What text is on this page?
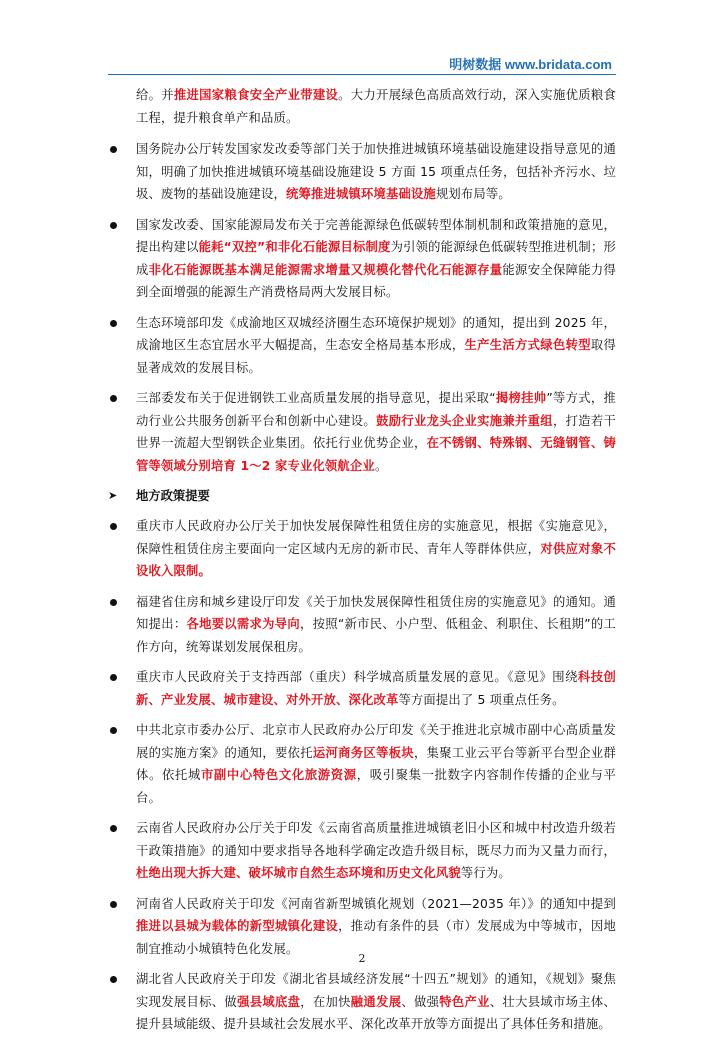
明树数据 www.bridata.com
给。并推进国家粮食安全产业带建设。大力开展绿色高质高效行动，深入实施优质粮食工程，提升粮食单产和品质。
国务院办公厅转发国家发改委等部门关于加快推进城镇环境基础设施建设指导意见的通知，明确了加快推进城镇环境基础设施建设 5 方面 15 项重点任务，包括补齐污水、垃圾、废物的基础设施建设，统筹推进城镇环境基础设施规划布局等。
国家发改委、国家能源局发布关于完善能源绿色低碳转型体制机制和政策措施的意见，提出构建以能耗“双控”和非化石能源目标制度为引领的能源绿色低碳转型推进机制；形成非化石能源既基本满足能源需求增量又规模化替代化石能源存量能源安全保障能力得到全面增强的能源生产消费格局两大发展目标。
生态环境部印发《成渝地区双城经济圈生态环境保护规划》的通知，提出到 2025 年，成渝地区生态宜居水平大幅提高，生态安全格局基本形成，生产生活方式绿色转型取得显著成效的发展目标。
三部委发布关于促进钢铁工业高质量发展的指导意见，提出采取“揭榜挂帅”等方式，推动行业公共服务创新平台和创新中心建设。鼓励行业龙头企业实施兼并重组，打造若干世界一流超大型钢铁企业集团。依托行业优势企业，在不锈钢、特殊钢、无缝钢管、铸管等领域分别培育 1～2 家专业化领航企业。
➤ 地方政策提要
重庆市人民政府办公厅关于加快发展保障性租赁住房的实施意见，根据《实施意见》，保障性租赁住房主要面向一定区域内无房的新市民、青年人等群体供应，对供应对象不设收入限制。
福建省住房和城乡建设厅印发《关于加快发展保障性租赁住房的实施意见》的通知。通知提出：各地要以需求为导向，按照“新市民、小户型、低租金、利职住、长租期”的工作方向，统筹谋划发展保租房。
重庆市人民政府关于支持西部（重庆）科学城高质量发展的意见。《意见》围绕科技创新、产业发展、城市建设、对外开放、深化改革等方面提出了 5 项重点任务。
中共北京市委办公厅、北京市人民政府办公厅印发《关于推进北京城市副中心高质量发展的实施方案》的通知，要依托运河商务区等板块，集聚工业云平台等新平台型企业群体。依托城市副中心特色文化旅游资源，吸引聚集一批数字内容制作传播的企业与平台。
云南省人民政府办公厅关于印发《云南省高质量推进城镇老旧小区和城中村改造升级若干政策措施》的通知中要求指导各地科学确定改造升级目标，既尽力而为又量力而行，杜绝出现大拆大建、破坏城市自然生态环境和历史文化风貌等行为。
河南省人民政府关于印发《河南省新型城镇化规划（2021—2035 年）》的通知中提到推进以县城为载体的新型城镇化建设，推动有条件的县（市）发展成为中等城市，因地制宜推动小城镇特色化发展。
湖北省人民政府关于印发《湖北省县域经济发展“十四五”规划》的通知，《规划》聚焦实现发展目标、做强县域底盘，在加快融通发展、做强特色产业、壮大县域市场主体、提升县域能级、提升县域社会发展水平、深化改革开放等方面提出了具体任务和措施。
2
